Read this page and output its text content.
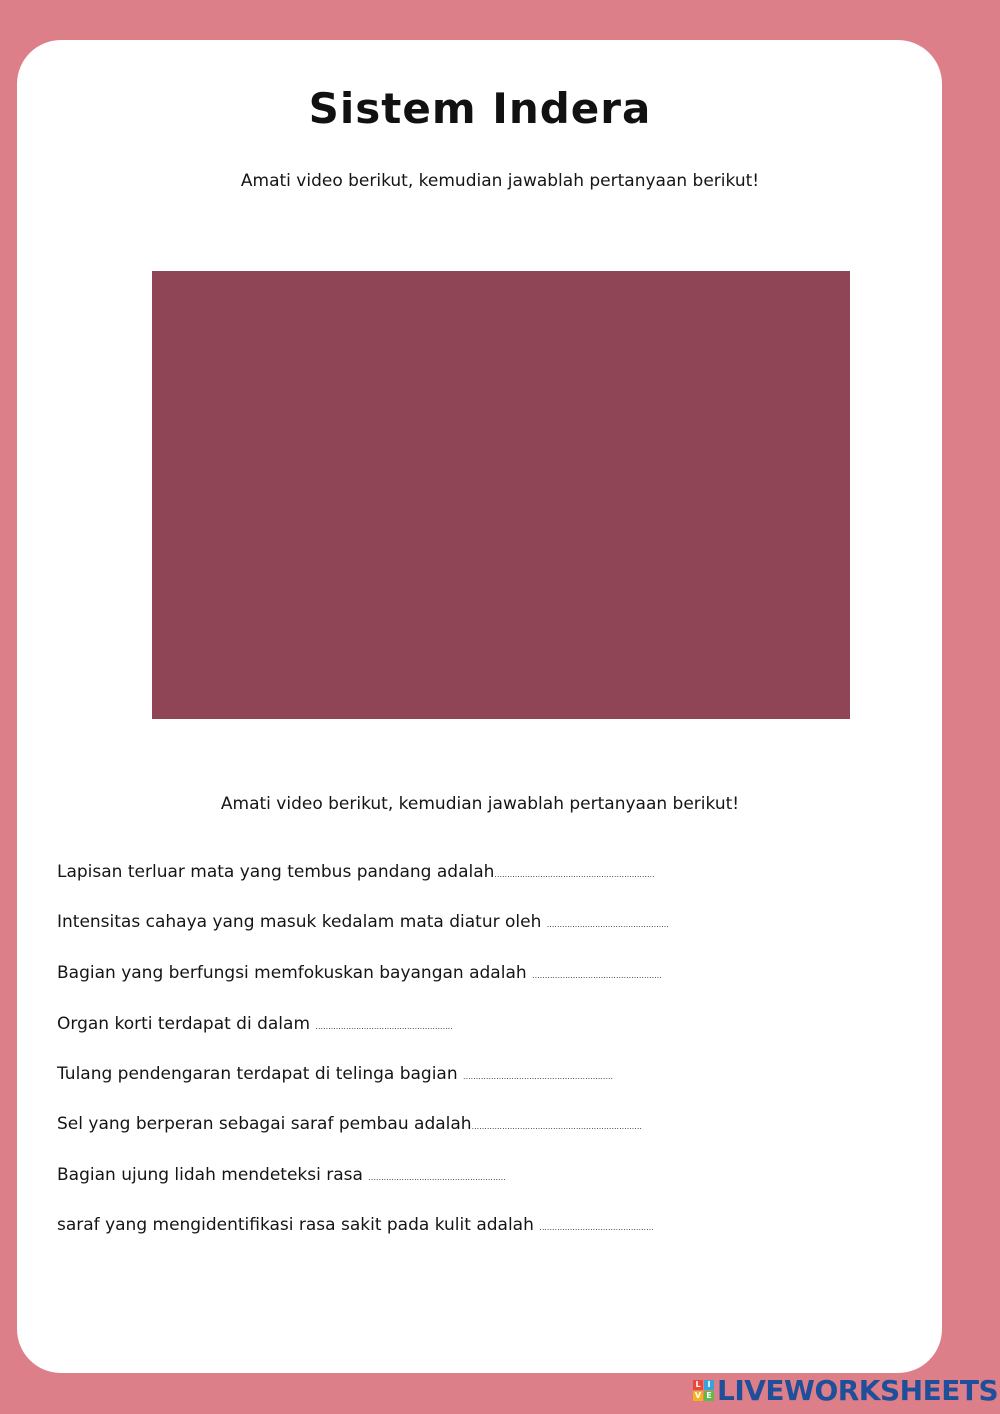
Sistem Indera
Amati video berikut, kemudian jawablah pertanyaan berikut!
Amati video berikut, kemudian jawablah pertanyaan berikut!
Lapisan terluar mata yang tembus pandang adalah...............................................................
Intensitas cahaya yang masuk kedalam mata diatur oleh ................................................
Bagian yang berfungsi memfokuskan bayangan adalah ...................................................
Organ korti terdapat di dalam ......................................................
Tulang pendengaran terdapat di telinga bagian ...........................................................
Sel yang berperan sebagai saraf pembau adalah...................................................................
Bagian ujung lidah mendeteksi rasa ......................................................
saraf yang mengidentifikasi rasa sakit pada kulit adalah .............................................
L I
V E LIVEWORKSHEETS
